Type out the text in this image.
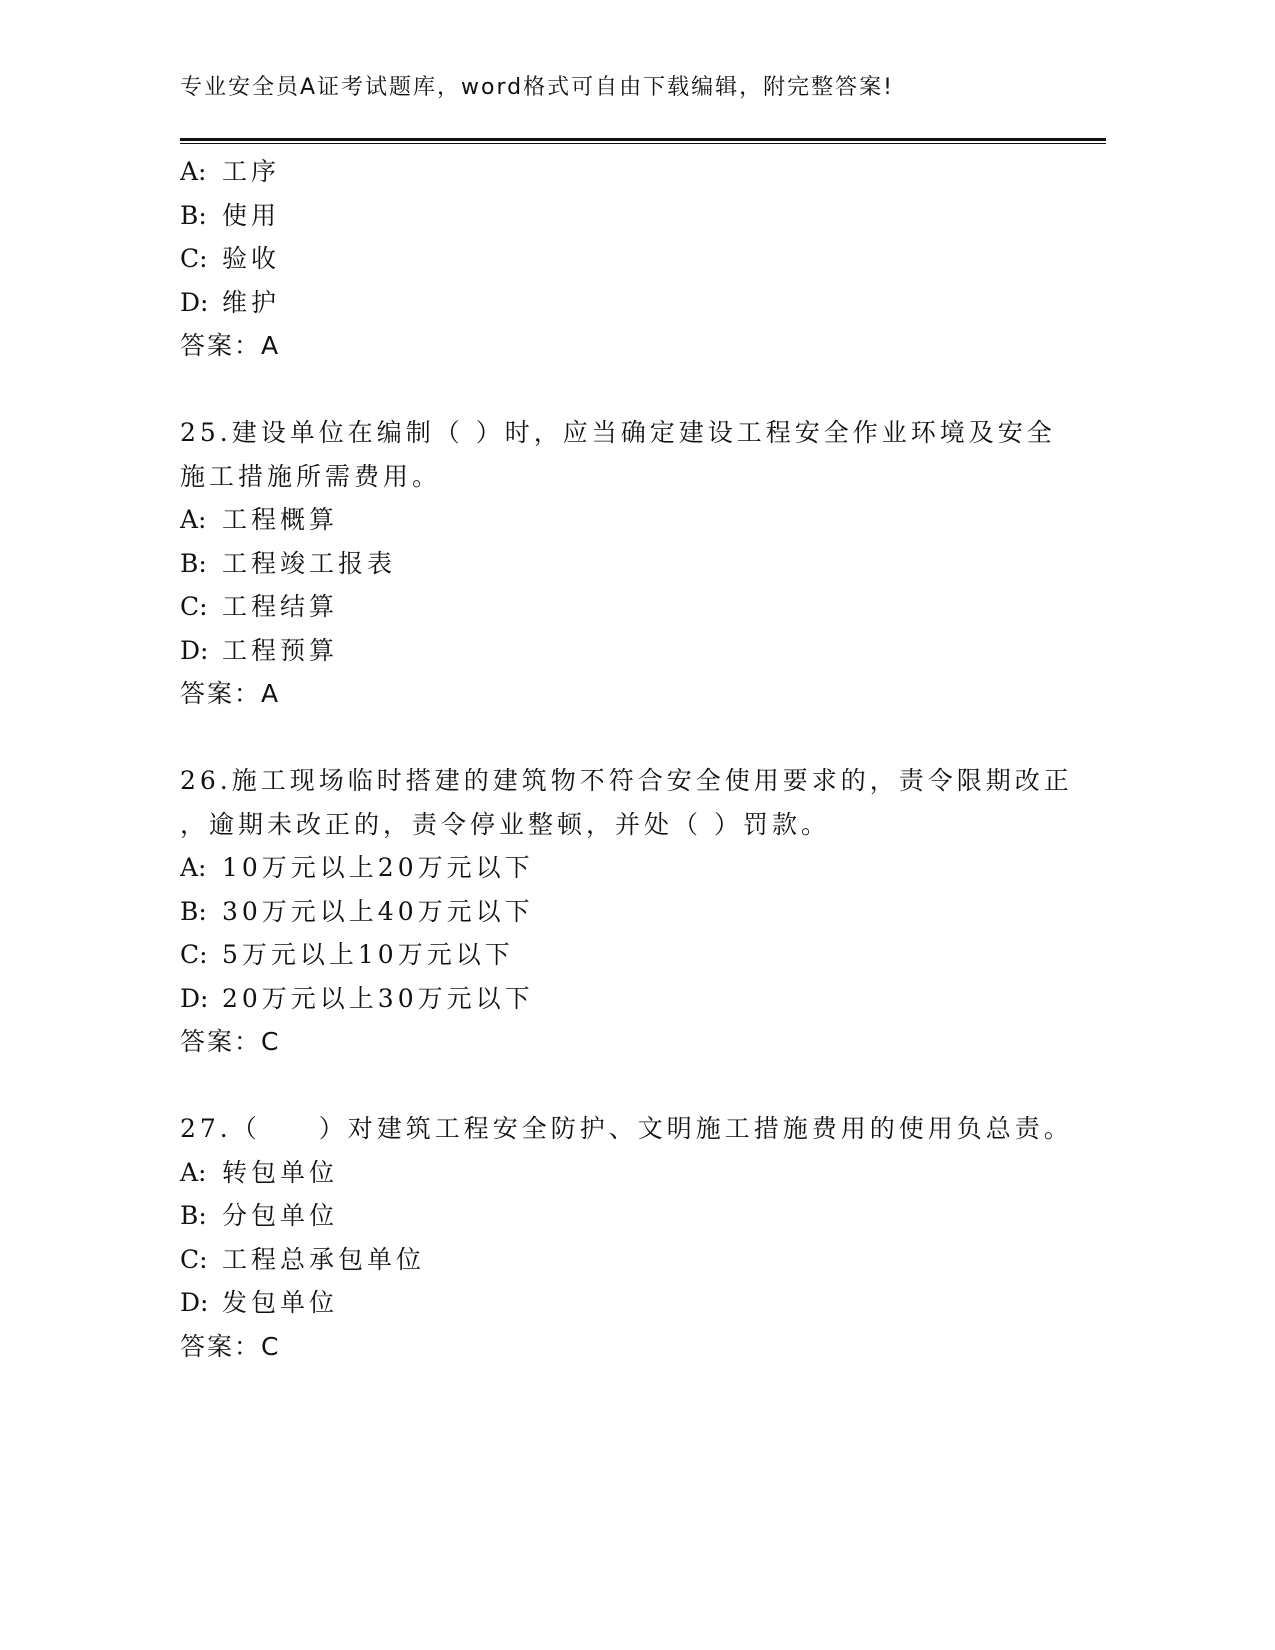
专业安全员A证考试题库，word格式可自由下载编辑，附完整答案!
A: 工序
B: 使用
C: 验收
D: 维护
答案：A
25.建设单位在编制（ ）时，应当确定建设工程安全作业环境及安全
施工措施所需费用。
A: 工程概算
B: 工程竣工报表
C: 工程结算
D: 工程预算
答案：A
26.施工现场临时搭建的建筑物不符合安全使用要求的，责令限期改正
，逾期未改正的，责令停业整顿，并处（ ）罚款。
A: 10万元以上20万元以下
B: 30万元以上40万元以下
C: 5万元以上10万元以下
D: 20万元以上30万元以下
答案：C
27.（　　）对建筑工程安全防护、文明施工措施费用的使用负总责。
A: 转包单位
B: 分包单位
C: 工程总承包单位
D: 发包单位
答案：C
